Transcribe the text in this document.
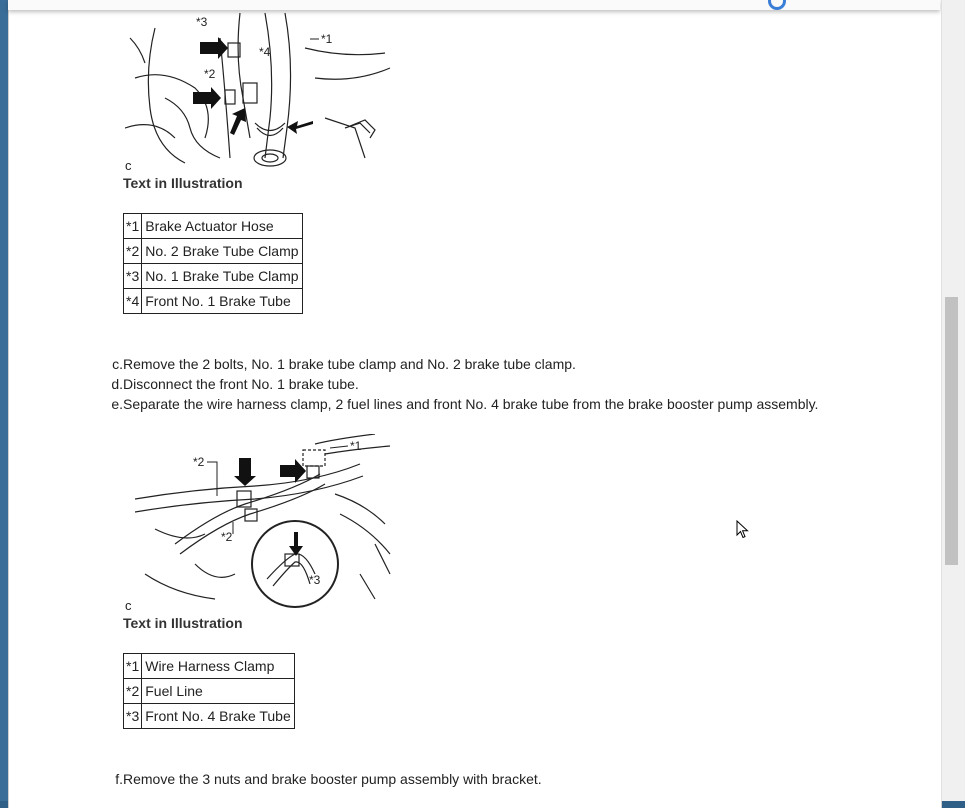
*1
*2
*3
*4
c
Text in Illustration
*1	Brake Actuator Hose
*2	No. 2 Brake Tube Clamp
*3	No. 1 Brake Tube Clamp
*4	Front No. 1 Brake Tube
c. Remove the 2 bolts, No. 1 brake tube clamp and No. 2 brake tube clamp.
d. Disconnect the front No. 1 brake tube.
e. Separate the wire harness clamp, 2 fuel lines and front No. 4 brake tube from the brake booster pump assembly.
*1
*2
*2
*3
c
Text in Illustration
*1	Wire Harness Clamp
*2	Fuel Line
*3	Front No. 4 Brake Tube
f. Remove the 3 nuts and brake booster pump assembly with bracket.
